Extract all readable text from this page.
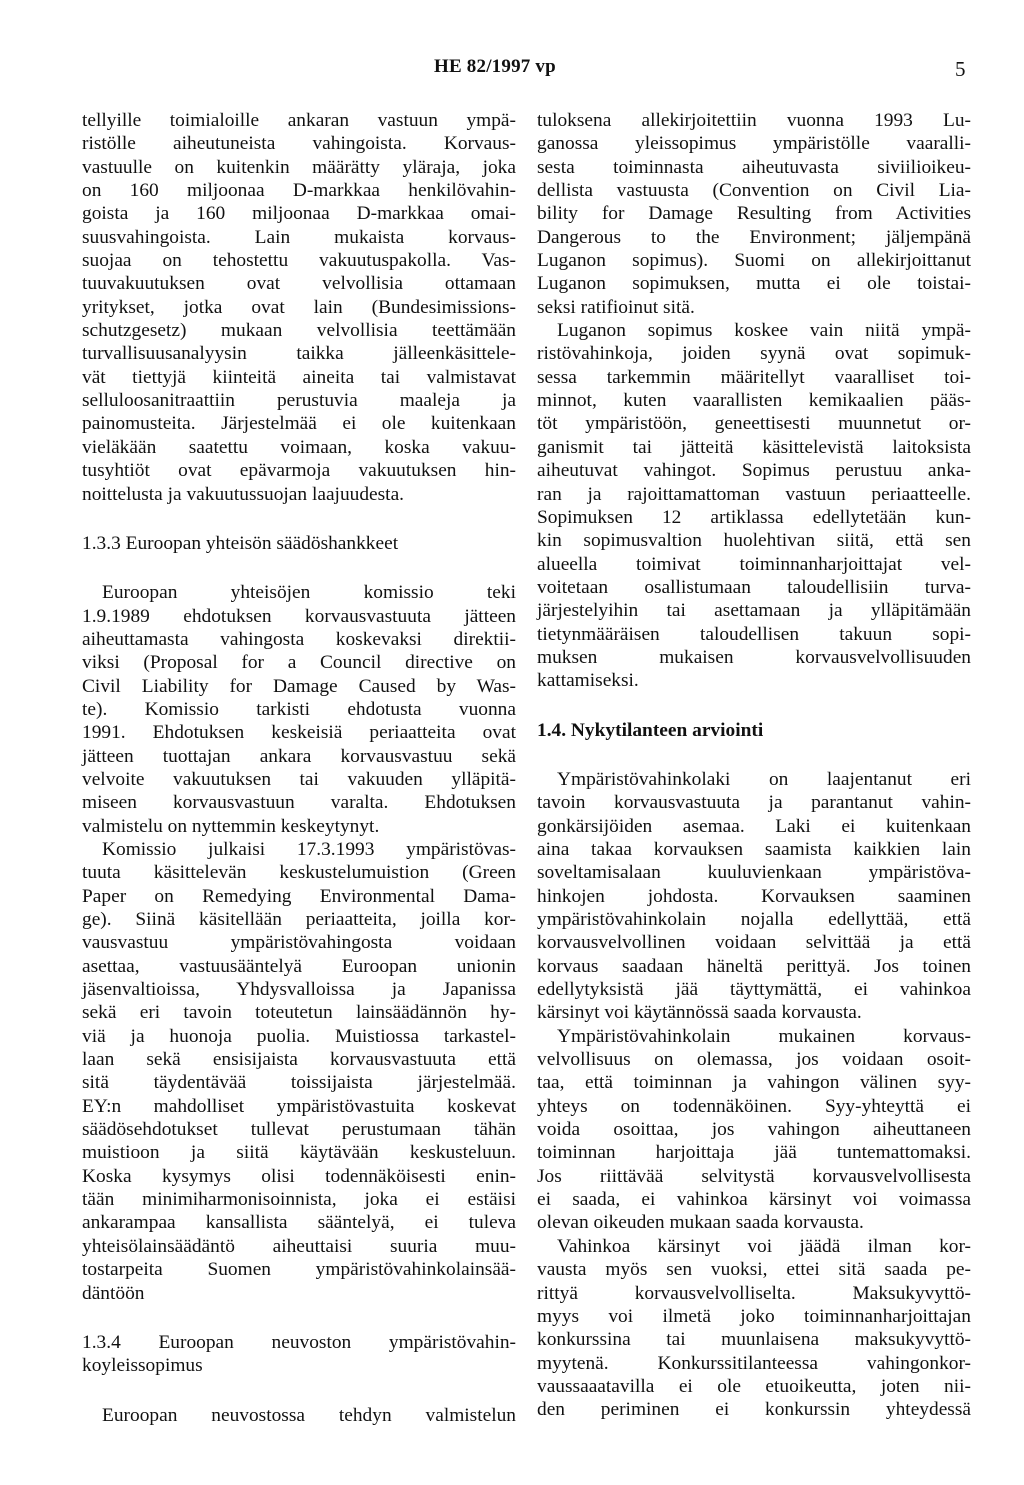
HE 82/1997 vp	5
tellyille toimialoille ankaran vastuun ympä-
ristölle aiheutuneista vahingoista. Korvaus-
vastuulle on kuitenkin määrätty yläraja, joka
on 160 miljoonaa D-markkaa henkilövahin-
goista ja 160 miljoonaa D-markkaa omai-
suusvahingoista. Lain mukaista korvaus-
suojaa on tehostettu vakuutuspakolla. Vas-
tuuvakuutuksen ovat velvollisia ottamaan
yritykset, jotka ovat lain (Bundesimissions-
schutzgesetz) mukaan velvollisia teettämään
turvallisuusanalyysin taikka jälleenkäsittele-
vät tiettyjä kiinteitä aineita tai valmistavat
selluloosanitraattiin perustuvia maaleja ja
painomusteita. Järjestelmää ei ole kuitenkaan
vieläkään saatettu voimaan, koska vakuu-
tusyhtiöt ovat epävarmoja vakuutuksen hin-
noittelusta ja vakuutussuojan laajuudesta.
1.3.3 Euroopan yhteisön säädöshankkeet
Euroopan yhteisöjen komissio teki
1.9.1989 ehdotuksen korvausvastuuta jätteen
aiheuttamasta vahingosta koskevaksi direktii-
viksi (Proposal for a Council directive on
Civil Liability for Damage Caused by Was-
te). Komissio tarkisti ehdotusta vuonna
1991. Ehdotuksen keskeisiä periaatteita ovat
jätteen tuottajan ankara korvausvastuu sekä
velvoite vakuutuksen tai vakuuden ylläpitä-
miseen korvausvastuun varalta. Ehdotuksen
valmistelu on nyttemmin keskeytynyt.
Komissio julkaisi 17.3.1993 ympäristövas-
tuuta käsittelevän keskustelumuistion (Green
Paper on Remedying Environmental Dama-
ge). Siinä käsitellään periaatteita, joilla kor-
vausvastuu ympäristövahingosta voidaan
asettaa, vastuusääntelyä Euroopan unionin
jäsenvaltioissa, Yhdysvalloissa ja Japanissa
sekä eri tavoin toteutetun lainsäädännön hy-
viä ja huonoja puolia. Muistiossa tarkastel-
laan sekä ensisijaista korvausvastuuta että
sitä täydentävää toissijaista järjestelmää.
EY:n mahdolliset ympäristövastuita koskevat
säädösehdotukset tullevat perustumaan tähän
muistioon ja siitä käytävään keskusteluun.
Koska kysymys olisi todennäköisesti enin-
tään minimiharmonisoinnista, joka ei estäisi
ankarampaa kansallista sääntelyä, ei tuleva
yhteisölainsäädäntö aiheuttaisi suuria muu-
tostarpeita Suomen ympäristövahinkolainsää-
däntöön
1.3.4 Euroopan neuvoston ympäristövahin-
koyleissopimus
Euroopan neuvostossa tehdyn valmistelun
tuloksena allekirjoitettiin vuonna 1993 Lu-
ganossa yleissopimus ympäristölle vaaralli-
sesta toiminnasta aiheutuvasta siviilioikeu-
dellista vastuusta (Convention on Civil Lia-
bility for Damage Resulting from Activities
Dangerous to the Environment; jäljempänä
Luganon sopimus). Suomi on allekirjoittanut
Luganon sopimuksen, mutta ei ole toistai-
seksi ratifioinut sitä.
Luganon sopimus koskee vain niitä ympä-
ristövahinkoja, joiden syynä ovat sopimuk-
sessa tarkemmin määritellyt vaaralliset toi-
minnot, kuten vaarallisten kemikaalien pääs-
töt ympäristöön, geneettisesti muunnetut or-
ganismit tai jätteitä käsittelevistä laitoksista
aiheutuvat vahingot. Sopimus perustuu anka-
ran ja rajoittamattoman vastuun periaatteelle.
Sopimuksen 12 artiklassa edellytetään kun-
kin sopimusvaltion huolehtivan siitä, että sen
alueella toimivat toiminnanharjoittajat vel-
voitetaan osallistumaan taloudellisiin turva-
järjestelyihin tai asettamaan ja ylläpitämään
tietynmääräisen taloudellisen takuun sopi-
muksen mukaisen korvausvelvollisuuden
kattamiseksi.
1.4. Nykytilanteen arviointi
Ympäristövahinkolaki on laajentanut eri
tavoin korvausvastuuta ja parantanut vahin-
gonkärsijöiden asemaa. Laki ei kuitenkaan
aina takaa korvauksen saamista kaikkien lain
soveltamisalaan kuuluvienkaan ympäristöva-
hinkojen johdosta. Korvauksen saaminen
ympäristövahinkolain nojalla edellyttää, että
korvausvelvollinen voidaan selvittää ja että
korvaus saadaan häneltä perittyä. Jos toinen
edellytyksistä jää täyttymättä, ei vahinkoa
kärsinyt voi käytännössä saada korvausta.
Ympäristövahinkolain mukainen korvaus-
velvollisuus on olemassa, jos voidaan osoit-
taa, että toiminnan ja vahingon välinen syy-
yhteys on todennäköinen. Syy-yhteyttä ei
voida osoittaa, jos vahingon aiheuttaneen
toiminnan harjoittaja jää tuntemattomaksi.
Jos riittävää selvitystä korvausvelvollisesta
ei saada, ei vahinkoa kärsinyt voi voimassa
olevan oikeuden mukaan saada korvausta.
Vahinkoa kärsinyt voi jäädä ilman kor-
vausta myös sen vuoksi, ettei sitä saada pe-
rittyä korvausvelvolliselta. Maksukyvyttö-
myys voi ilmetä joko toiminnanharjoittajan
konkurssina tai muunlaisena maksukyvyttö-
myytenä. Konkurssitilanteessa vahingonkor-
vaussaaatavilla ei ole etuoikeutta, joten nii-
den periminen ei konkurssin yhteydessä
